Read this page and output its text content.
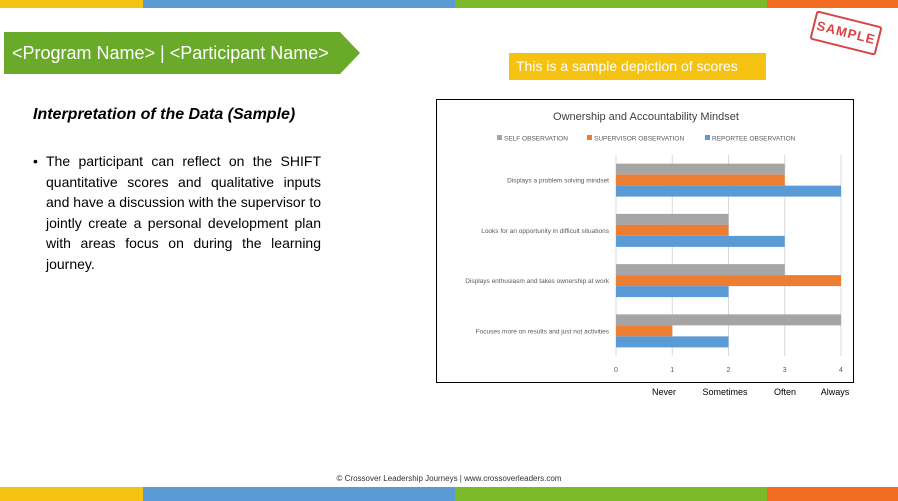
<Program Name> | <Participant Name>
SAMPLE
This is a sample depiction of scores
Interpretation of the Data (Sample)
• The participant can reflect on the SHIFT quantitative scores and qualitative inputs and have a discussion with the supervisor to jointly create a personal development plan with areas focus on during the learning journey.
Ownership and Accountability Mindset
SELF OBSERVATION	SUPERVISOR OBSERVATION	REPORTEE OBSERVATION
0	1	2	3	4
Displays a problem solving mindset
Looks for an opportunity in difficult situations
Displays enthusiasm and takes ownership at work
Focuses more on results and just not activities
Never	Sometimes	Often	Always
© Crossover Leadership Journeys | www.crossoverleaders.com
